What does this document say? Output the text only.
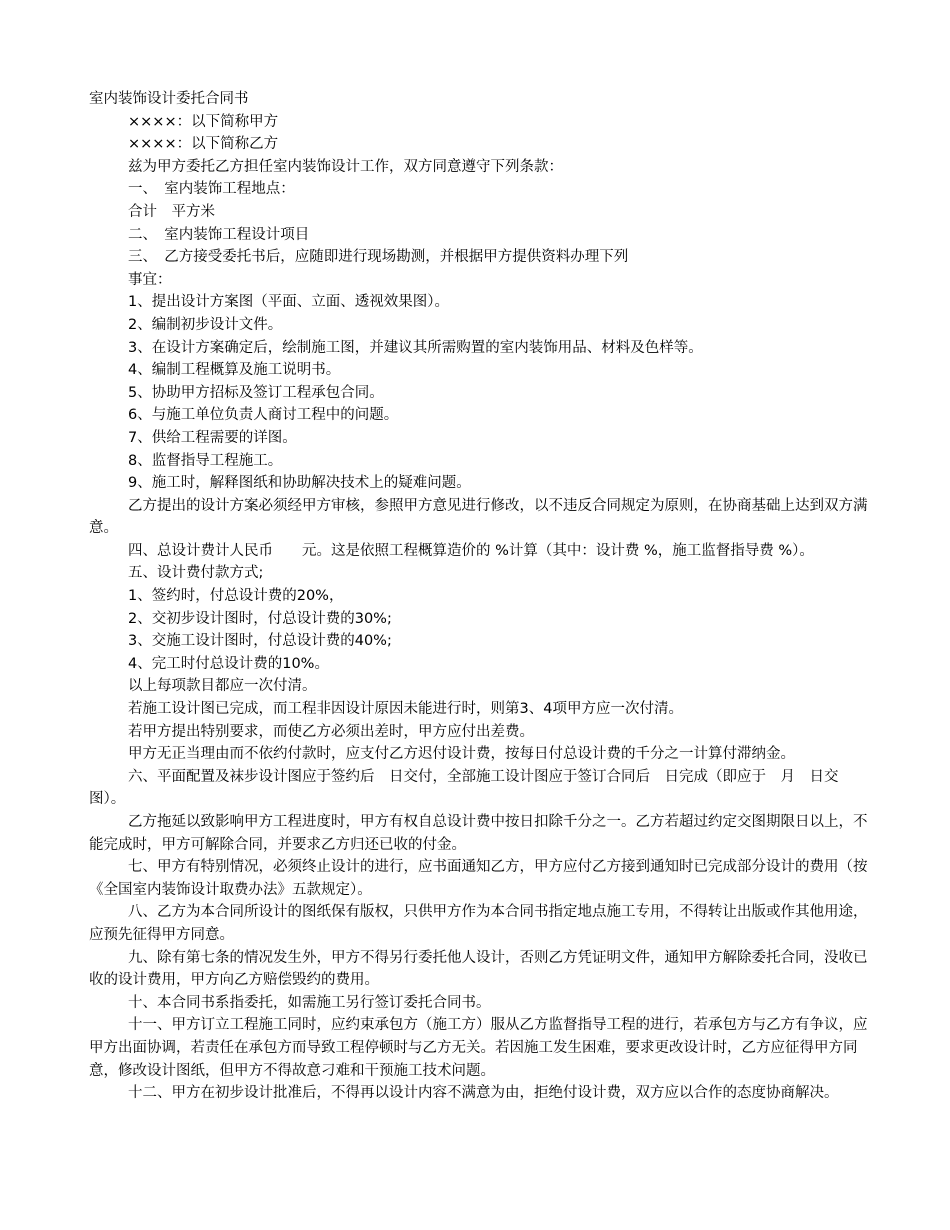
室内装饰设计委托合同书

××××：以下简称甲方

××××：以下简称乙方

兹为甲方委托乙方担任室内装饰设计工作，双方同意遵守下列条款：

一、　室内装饰工程地点：

合计　平方米

二、　室内装饰工程设计项目

三、　乙方接受委托书后，应随即进行现场勘测，并根据甲方提供资料办理下列

事宜：

1、提出设计方案图（平面、立面、透视效果图）。

2、编制初步设计文件。

3、在设计方案确定后，绘制施工图，并建议其所需购置的室内装饰用品、材料及色样等。

4、编制工程概算及施工说明书。

5、协助甲方招标及签订工程承包合同。

6、与施工单位负责人商讨工程中的问题。

7、供给工程需要的详图。

8、监督指导工程施工。

9、施工时，解释图纸和协助解决技术上的疑难问题。

乙方提出的设计方案必须经甲方审核，参照甲方意见进行修改，以不违反合同规定为原则，在协商基础上达到双方满意。

四、总设计费计人民币　　元。这是依照工程概算造价的 %计算（其中：设计费 %，施工监督指导费 %）。

五、设计费付款方式;

1、签约时，付总设计费的20%，

2、交初步设计图时，付总设计费的30%;

3、交施工设计图时，付总设计费的40%;

4、完工时付总设计费的10%。

以上每项款目都应一次付清。

若施工设计图已完成，而工程非因设计原因未能进行时，则第3、4项甲方应一次付清。

若甲方提出特别要求，而使乙方必须出差时，甲方应付出差费。

甲方无正当理由而不依约付款时，应支付乙方迟付设计费，按每日付总设计费的千分之一计算付滞纳金。

六、平面配置及袜步设计图应于签约后　日交付，全部施工设计图应于签订合同后　日完成（即应于　月　日交图）。

乙方拖延以致影响甲方工程进度时，甲方有权自总设计费中按日扣除千分之一。乙方若超过约定交图期限日以上，不能完成时，甲方可解除合同，并要求乙方归还已收的付金。

七、甲方有特别情况，必须终止设计的进行，应书面通知乙方，甲方应付乙方接到通知时已完成部分设计的费用（按《全国室内装饰设计取费办法》五款规定）。

八、乙方为本合同所设计的图纸保有版权，只供甲方作为本合同书指定地点施工专用，不得转让出版或作其他用途，应预先征得甲方同意。

九、除有第七条的情况发生外，甲方不得另行委托他人设计，否则乙方凭证明文件，通知甲方解除委托合同，没收已收的设计费用，甲方向乙方赔偿毁约的费用。

十、本合同书系指委托，如需施工另行签订委托合同书。

十一、甲方订立工程施工同时，应约束承包方（施工方）服从乙方监督指导工程的进行，若承包方与乙方有争议，应甲方出面协调，若责任在承包方而导致工程停顿时与乙方无关。若因施工发生困难，要求更改设计时，乙方应征得甲方同意，修改设计图纸，但甲方不得故意刁难和干预施工技术问题。

十二、甲方在初步设计批准后，不得再以设计内容不满意为由，拒绝付设计费，双方应以合作的态度协商解决。
